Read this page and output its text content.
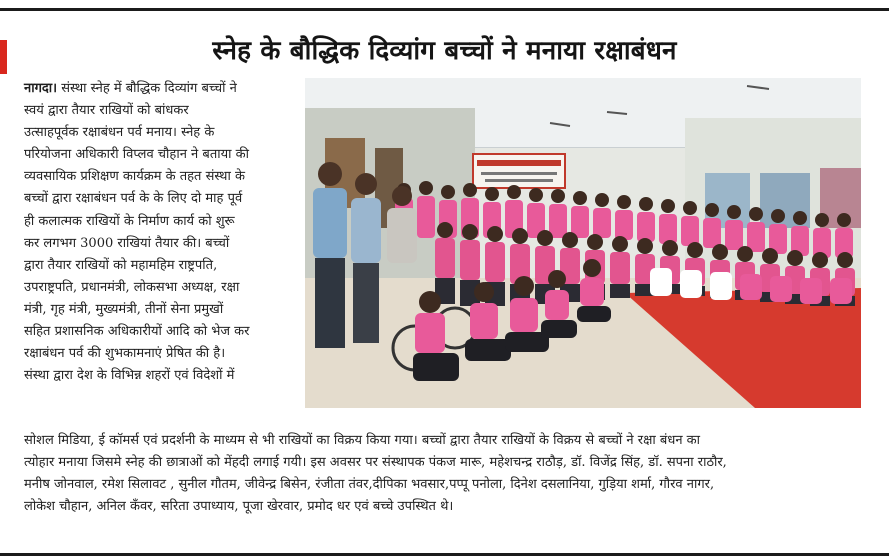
स्नेह के बौद्धिक दिव्यांग बच्चों ने मनाया रक्षाबंधन
नागदा। संस्था स्नेह में बौद्धिक दिव्यांग बच्चों ने
स्वयं द्वारा तैयार राखियों को बांधकर
उत्साहपूर्वक रक्षाबंधन पर्व मनाय। स्नेह के
परियोजना अधिकारी विप्लव चौहान ने बताया की
व्यवसायिक प्रशिक्षण कार्यक्रम के तहत संस्था के
बच्चों द्वारा रक्षाबंधन पर्व के के लिए दो माह पूर्व
ही कलात्मक राखियों के निर्माण कार्य को शुरू
कर लगभग 3000 राखियां तैयार की। बच्चों
द्वारा तैयार राखियों को महामहिम राष्ट्रपति,
उपराष्ट्रपति, प्रधानमंत्री, लोकसभा अध्यक्ष, रक्षा
मंत्री, गृह मंत्री, मुख्यमंत्री, तीनों सेना प्रमुखों
सहित प्रशासनिक अधिकारीयों आदि को भेज कर
रक्षाबंधन पर्व की शुभकामनाएं प्रेषित की है।
संस्था द्वारा देश के विभिन्न शहरों एवं विदेशों में
सोशल मिडिया, ई कॉमर्स एवं प्रदर्शनी के माध्यम से भी राखियों का विक्रय किया गया। बच्चों द्वारा तैयार राखियों के विक्रय से बच्चों ने रक्षा बंधन का
त्योहार मनाया जिसमे स्नेह की छात्राओं को मेंहदी लगाई गयी। इस अवसर पर संस्थापक पंकज मारू, महेशचन्द्र राठौड़, डॉ. विजेंद्र सिंह, डॉ. सपना राठौर,
मनीष जोनवाल, रमेश सिलावट , सुनील गौतम, जीवेन्द्र बिसेन, रंजीता तंवर,दीपिका भवसार,पप्पू पनोला, दिनेश दसलानिया, गुड़िया शर्मा, गौरव नागर,
लोकेश चौहान, अनिल कँवर, सरिता उपाध्याय, पूजा खेरवार, प्रमोद धर एवं बच्चे उपस्थित थे।
